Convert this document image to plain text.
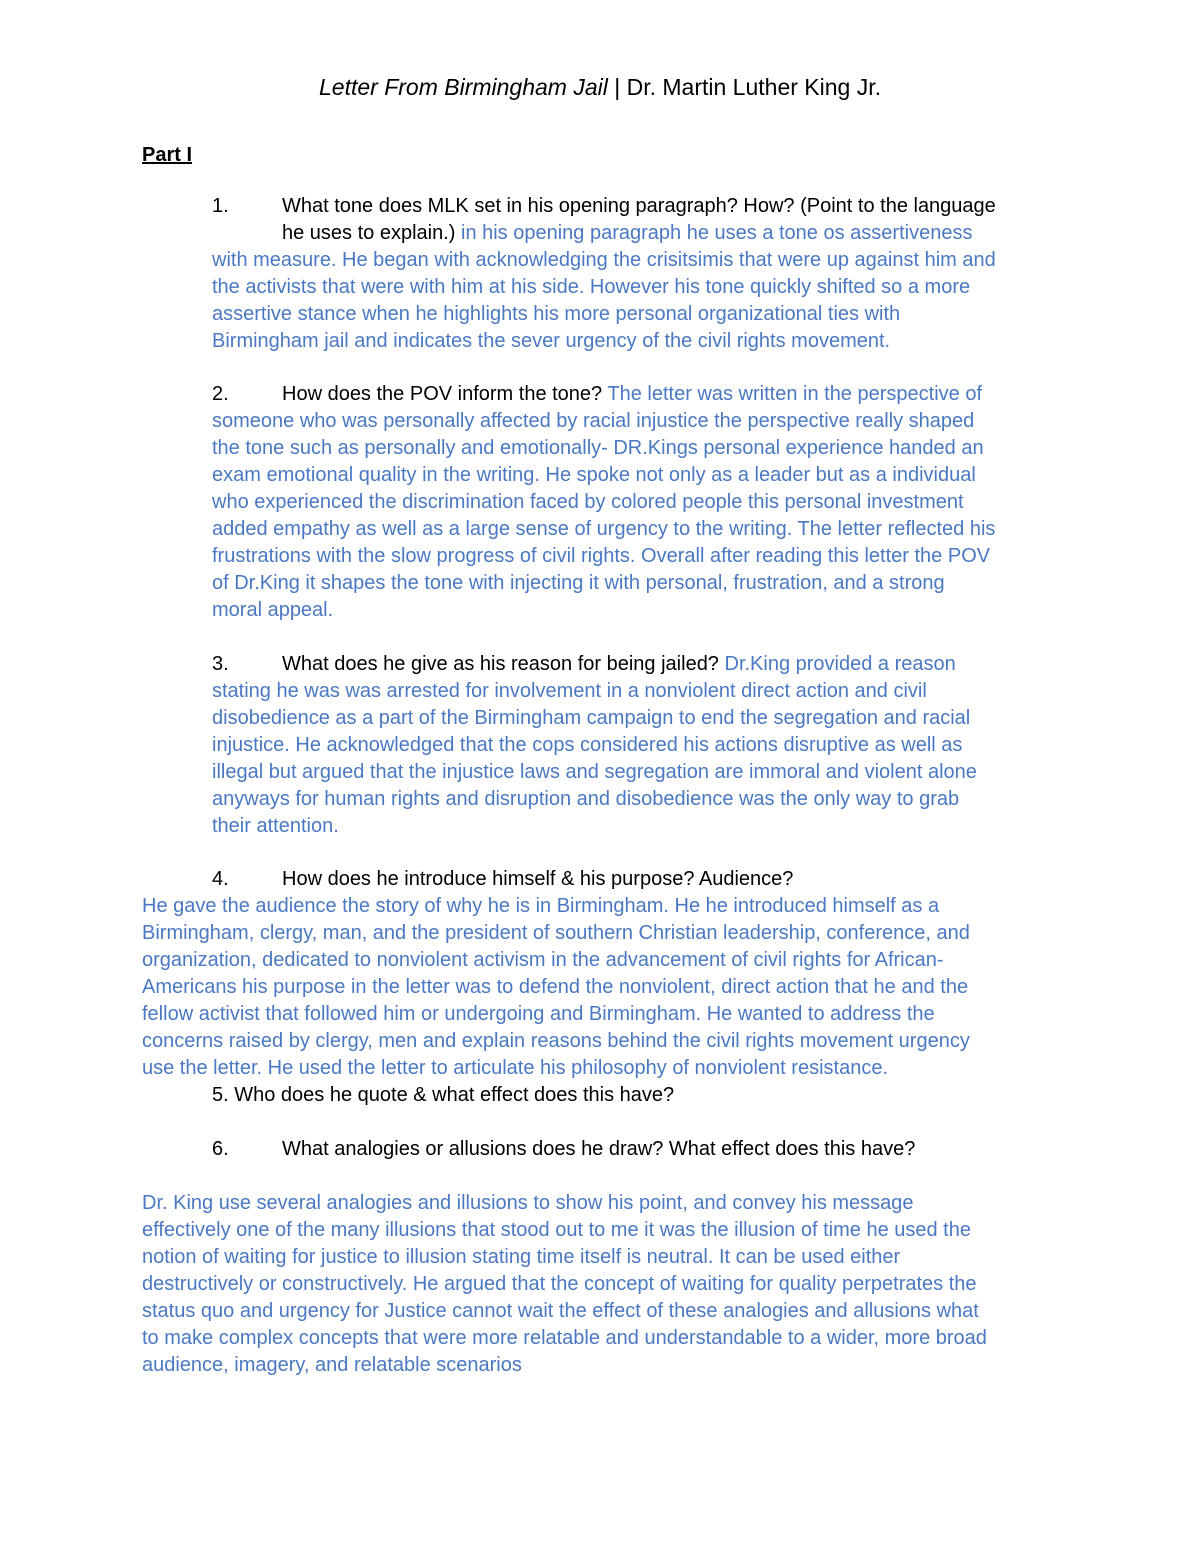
Letter From Birmingham Jail | Dr. Martin Luther King Jr.
Part I
1.	What tone does MLK set in his opening paragraph? How? (Point to the language
he uses to explain.) in his opening paragraph he uses a tone os assertiveness
with measure. He began with acknowledging the crisitsimis that were up against him and
the activists that were with him at his side. However his tone quickly shifted so a more
assertive stance when he highlights his more personal organizational ties with
Birmingham jail and indicates the sever urgency of the civil rights movement.
2.	How does the POV inform the tone? The letter was written in the perspective of
someone who was personally affected by racial injustice the perspective really shaped
the tone such as personally and emotionally- DR.Kings personal experience handed an
exam emotional quality in the writing. He spoke not only as a leader but as a individual
who experienced the discrimination faced by colored people this personal investment
added empathy as well as a large sense of urgency to the writing. The letter reflected his
frustrations with the slow progress of civil rights. Overall after reading this letter the POV
of Dr.King it shapes the tone with injecting it with personal, frustration, and a strong
moral appeal.
3.	What does he give as his reason for being jailed? Dr.King provided a reason
stating he was was arrested for involvement in a nonviolent direct action and civil
disobedience as a part of the Birmingham campaign to end the segregation and racial
injustice. He acknowledged that the cops considered his actions disruptive as well as
illegal but argued that the injustice laws and segregation are immoral and violent alone
anyways for human rights and disruption and disobedience was the only way to grab
their attention.
4.	How does he introduce himself & his purpose? Audience?
He gave the audience the story of why he is in Birmingham. He he introduced himself as a
Birmingham, clergy, man, and the president of southern Christian leadership, conference, and
organization, dedicated to nonviolent activism in the advancement of civil rights for African-
Americans his purpose in the letter was to defend the nonviolent, direct action that he and the
fellow activist that followed him or undergoing and Birmingham. He wanted to address the
concerns raised by clergy, men and explain reasons behind the civil rights movement urgency
use the letter. He used the letter to articulate his philosophy of nonviolent resistance.
5. Who does he quote & what effect does this have?
6.	What analogies or allusions does he draw? What effect does this have?
Dr. King use several analogies and illusions to show his point, and convey his message
effectively one of the many illusions that stood out to me it was the illusion of time he used the
notion of waiting for justice to illusion stating time itself is neutral. It can be used either
destructively or constructively. He argued that the concept of waiting for quality perpetrates the
status quo and urgency for Justice cannot wait the effect of these analogies and allusions what
to make complex concepts that were more relatable and understandable to a wider, more broad
audience, imagery, and relatable scenarios
